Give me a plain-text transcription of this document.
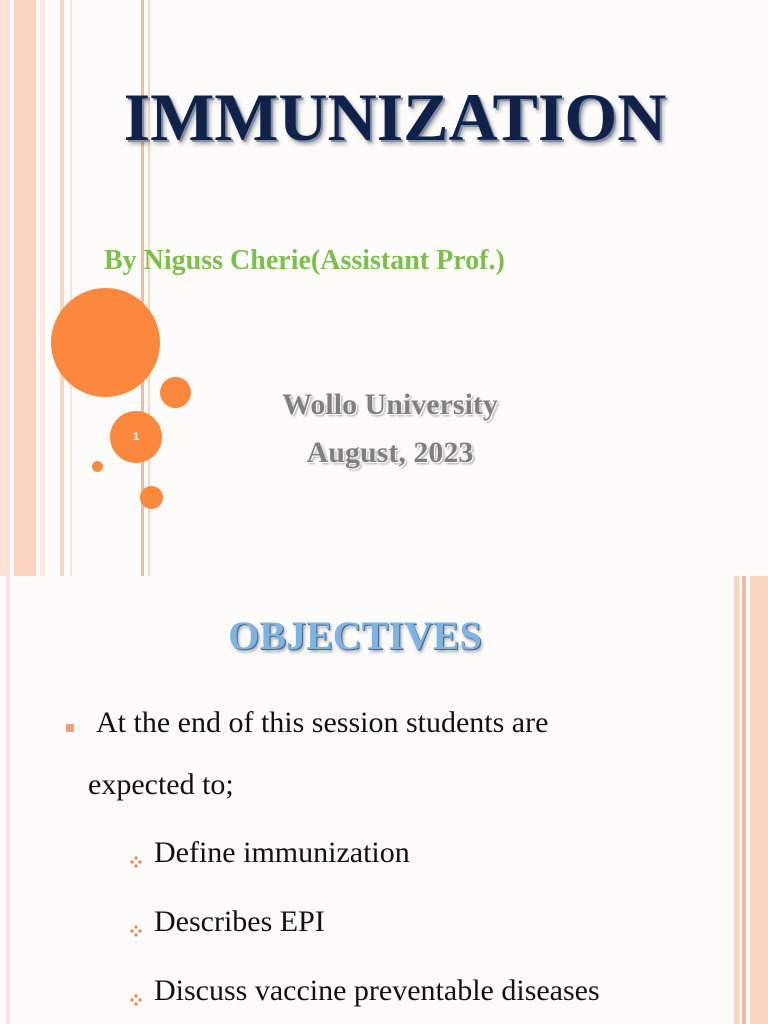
1
IMMUNIZATION
By Niguss Cherie(Assistant Prof.)
Wollo University
August, 2023
OBJECTIVES
At the end of this session students are
expected to;
Define immunization
Describes EPI
Discuss vaccine preventable diseases
